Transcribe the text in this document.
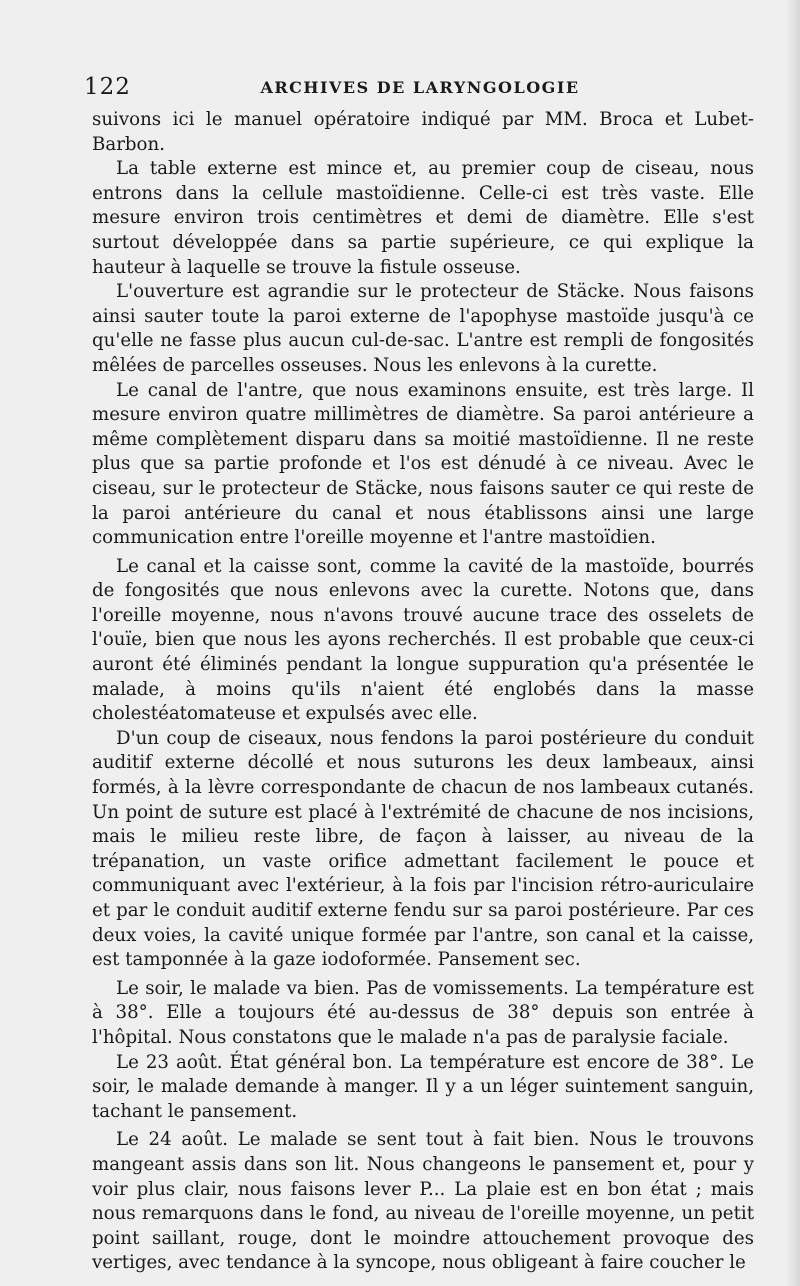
122	ARCHIVES DE LARYNGOLOGIE

suivons ici le manuel opératoire indiqué par MM. Broca et Lubet-Barbon.

La table externe est mince et, au premier coup de ciseau, nous entrons dans la cellule mastoïdienne. Celle-ci est très vaste. Elle mesure environ trois centimètres et demi de diamètre. Elle s'est surtout développée dans sa partie supérieure, ce qui explique la hauteur à laquelle se trouve la fistule osseuse.

L'ouverture est agrandie sur le protecteur de Stäcke. Nous faisons ainsi sauter toute la paroi externe de l'apophyse mastoïde jusqu'à ce qu'elle ne fasse plus aucun cul-de-sac. L'antre est rempli de fongosités mêlées de parcelles osseuses. Nous les enlevons à la curette.

Le canal de l'antre, que nous examinons ensuite, est très large. Il mesure environ quatre millimètres de diamètre. Sa paroi antérieure a même complètement disparu dans sa moitié mastoïdienne. Il ne reste plus que sa partie profonde et l'os est dénudé à ce niveau. Avec le ciseau, sur le protecteur de Stäcke, nous faisons sauter ce qui reste de la paroi antérieure du canal et nous établissons ainsi une large communication entre l'oreille moyenne et l'antre mastoïdien.

Le canal et la caisse sont, comme la cavité de la mastoïde, bourrés de fongosités que nous enlevons avec la curette. Notons que, dans l'oreille moyenne, nous n'avons trouvé aucune trace des osselets de l'ouïe, bien que nous les ayons recherchés. Il est probable que ceux-ci auront été éliminés pendant la longue suppuration qu'a présentée le malade, à moins qu'ils n'aient été englobés dans la masse cholestéatomateuse et expulsés avec elle.

D'un coup de ciseaux, nous fendons la paroi postérieure du conduit auditif externe décollé et nous suturons les deux lambeaux, ainsi formés, à la lèvre correspondante de chacun de nos lambeaux cutanés. Un point de suture est placé à l'extrémité de chacune de nos incisions, mais le milieu reste libre, de façon à laisser, au niveau de la trépanation, un vaste orifice admettant facilement le pouce et communiquant avec l'extérieur, à la fois par l'incision rétro-auriculaire et par le conduit auditif externe fendu sur sa paroi postérieure. Par ces deux voies, la cavité unique formée par l'antre, son canal et la caisse, est tamponnée à la gaze iodoformée. Pansement sec.

Le soir, le malade va bien. Pas de vomissements. La température est à 38°. Elle a toujours été au-dessus de 38° depuis son entrée à l'hôpital. Nous constatons que le malade n'a pas de paralysie faciale.

Le 23 août. État général bon. La température est encore de 38°. Le soir, le malade demande à manger. Il y a un léger suintement sanguin, tachant le pansement.

Le 24 août. Le malade se sent tout à fait bien. Nous le trouvons mangeant assis dans son lit. Nous changeons le pansement et, pour y voir plus clair, nous faisons lever P... La plaie est en bon état ; mais nous remarquons dans le fond, au niveau de l'oreille moyenne, un petit point saillant, rouge, dont le moindre attouchement provoque des vertiges, avec tendance à la syncope, nous obligeant à faire coucher le
